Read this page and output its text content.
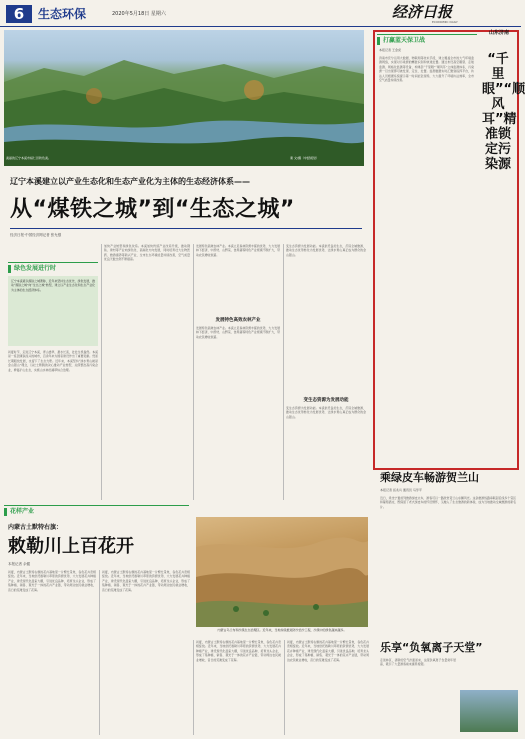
6	生态环保	2020年5月18日 星期六	经济日报
ECONOMIC DAILY
美丽的辽宁本溪市桓仁县秋色美。	秦 文/摄（中经视觉）
辽宁本溪建立以产业生态化和生态产业化为主体的生态经济体系——
从“煤铁之城”到“生态之城”
经济日报·中国经济网记者 张允强
绿色发展进行时
辽宁本溪素以煤铁之城著称，近年来坚持生态优先、绿色发展，推动“煤铁之城”向“生态之城”转型，建立以产业生态化和生态产业化为主体的生态经济体系。
初夏时节，走进辽宁本溪，青山叠翠，碧水长流，处处生机盎然。本溪是一座因煤铁而兴的城市，百余年来为国家建设作出了重要贡献。然而长期粗放发展，也留下了生态欠账。近年来，本溪坚持“绿水青山就是金山银山”理念，以壮士断腕的决心推动产业转型，关停整治高污染企业，修复矿山生态，实施山水林田湖草综合治理。
加快产业转型和绿色改造。本溪加快传统产业改造升级，推动钢铁、建材等产业向绿色化、高端化方向发展，同时培育壮大生物医药、旅游康养等新兴产业，全市生态环境质量持续改善，空气质量优良天数比例不断提高。
发展特色高效农林产业。本溪立足森林资源丰富的优势，大力发展林下经济，中药材、山野菜、食用菌等特色产业规模不断扩大，带动农民增收致富。
发展特色高效农林产业
发展特色高效农林产业。本溪立足森林资源丰富的优势，大力发展林下经济，中药材、山野菜、食用菌等特色产业规模不断扩大，带动农民增收致富。
变生态资源为发展动能。本溪依托良好生态，打造全域旅游，推动生态优势转化为发展优势，让绿水青山真正成为群众的金山银山。
变生态资源为发展动能
变生态资源为发展动能。本溪依托良好生态，打造全域旅游，推动生态优势转化为发展优势，让绿水青山真正成为群众的金山银山。
打赢蓝天保卫战
山东济南
“千里眼”“顺风耳”精准锁定污染源
本报记者 王金虎
济南市充分运用大数据、物联网等技术手段，建立覆盖全市的大气环境监测网络，实现对污染源的精准识别和快速处置。通过布设高空瞭望、走航监测、网格化监测等设备，构建起“千里眼”“顺风耳”立体监测体系，污染源一旦出现即可被发现、定位、处置。监测数据实时汇聚到指挥平台，执法人员根据系统提示第一时间赶赴现场，大大提升了环境执法效率，全市空气质量持续改善。
乘绿皮车畅游贺兰山
本报记者 拓兆兵 通讯员 马学平
近日，乘坐宁夏首列旅游绿皮火车，游客可以一路欣赏贺兰山东麓风光。这条旅游线路串联起沿线多个景区和葡萄酒庄，既保留了老式绿皮车的怀旧情怀，又融入了生态旅游的新体验，成为当地推动全域旅游的新名片。
乐享“负氧离子天堂”
走进林区，清新的空气扑面而来，这里负氧离子含量常年居高，吸引了大量游客前来康养度假。
花样产业
内蒙古土默特右旗：
敕勒川上百花开
本报记者 余健
初夏，内蒙古土默特右旗的花卉基地里一片繁忙景象，各色花卉竞相绽放。近年来，当地依托敕勒川草原的资源优势，大力发展花卉种植产业，建设现代化温室大棚，引进优良品种，培育龙头企业，形成了集种植、销售、观光于一体的花卉产业链，带动周边农民就业增收，昔日的荒滩变成了花海。
初夏，内蒙古土默特右旗的花卉基地里一片繁忙景象，各色花卉竞相绽放。近年来，当地依托敕勒川草原的资源优势，大力发展花卉种植产业，建设现代化温室大棚，引进优良品种，培育龙头企业，形成了集种植、销售、观光于一体的花卉产业链，带动周边农民就业增收，昔日的荒滩变成了花海。
初夏，内蒙古土默特右旗的花卉基地里一片繁忙景象，各色花卉竞相绽放。近年来，当地依托敕勒川草原的资源优势，大力发展花卉种植产业，建设现代化温室大棚，引进优良品种，培育龙头企业，形成了集种植、销售、观光于一体的花卉产业链，带动周边农民就业增收，昔日的荒滩变成了花海。
初夏，内蒙古土默特右旗的花卉基地里一片繁忙景象，各色花卉竞相绽放。近年来，当地依托敕勒川草原的资源优势，大力发展花卉种植产业，建设现代化温室大棚，引进优良品种，培育龙头企业，形成了集种植、销售、观光于一体的花卉产业链，带动周边农民就业增收，昔日的荒滩变成了花海。
内蒙古乌兰布和沙漠生态治理区。近年来，当地持续推进防沙治沙工程，沙漠中的绿色越来越多。
